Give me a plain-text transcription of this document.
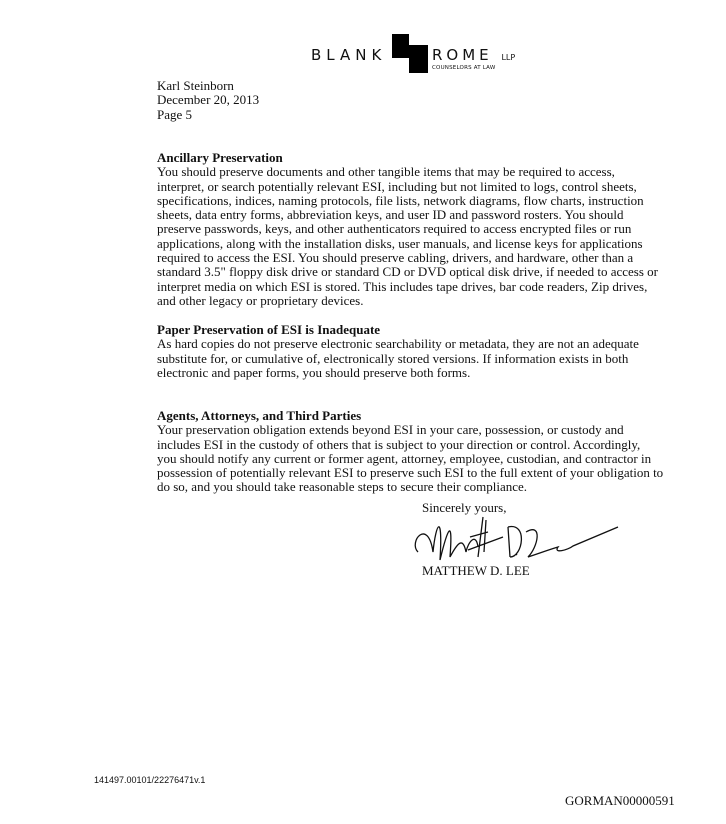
BLANK	ROME LLP
COUNSELORS AT LAW
Karl Steinborn
December 20, 2013
Page 5
Ancillary Preservation
You should preserve documents and other tangible items that may be required to access,
interpret, or search potentially relevant ESI, including but not limited to logs, control sheets,
specifications, indices, naming protocols, file lists, network diagrams, flow charts, instruction
sheets, data entry forms, abbreviation keys, and user ID and password rosters. You should
preserve passwords, keys, and other authenticators required to access encrypted files or run
applications, along with the installation disks, user manuals, and license keys for applications
required to access the ESI. You should preserve cabling, drivers, and hardware, other than a
standard 3.5" floppy disk drive or standard CD or DVD optical disk drive, if needed to access or
interpret media on which ESI is stored. This includes tape drives, bar code readers, Zip drives,
and other legacy or proprietary devices.
Paper Preservation of ESI is Inadequate
As hard copies do not preserve electronic searchability or metadata, they are not an adequate
substitute for, or cumulative of, electronically stored versions. If information exists in both
electronic and paper forms, you should preserve both forms.
Agents, Attorneys, and Third Parties
Your preservation obligation extends beyond ESI in your care, possession, or custody and
includes ESI in the custody of others that is subject to your direction or control. Accordingly,
you should notify any current or former agent, attorney, employee, custodian, and contractor in
possession of potentially relevant ESI to preserve such ESI to the full extent of your obligation to
do so, and you should take reasonable steps to secure their compliance.
Sincerely yours,
MATTHEW D. LEE
141497.00101/22276471v.1
GORMAN00000591
